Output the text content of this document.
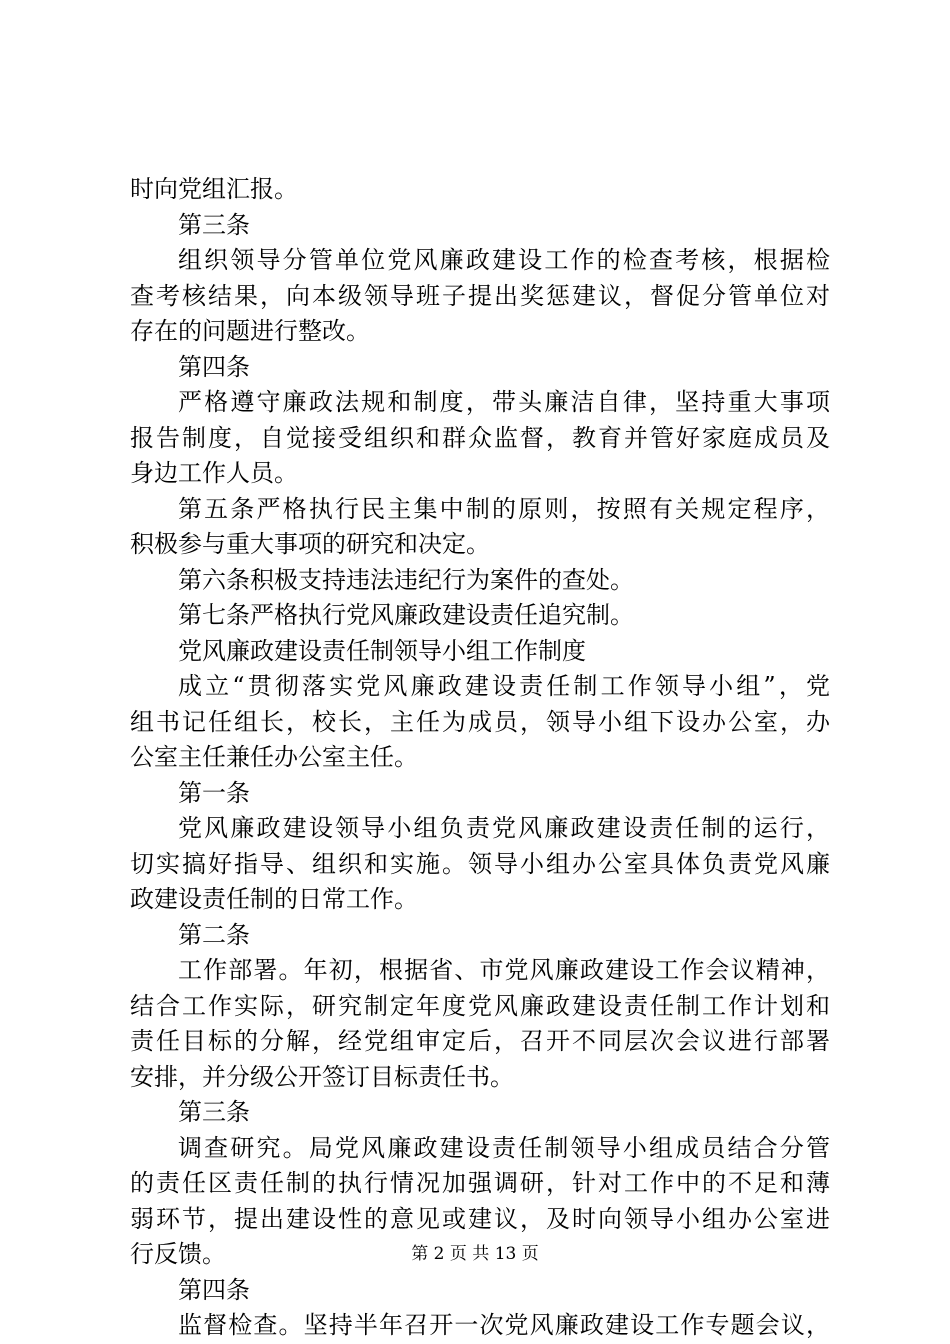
时向党组汇报。
第三条
组织领导分管单位党风廉政建设工作的检查考核，根据检
查考核结果，向本级领导班子提出奖惩建议，督促分管单位对
存在的问题进行整改。
第四条
严格遵守廉政法规和制度，带头廉洁自律，坚持重大事项
报告制度，自觉接受组织和群众监督，教育并管好家庭成员及
身边工作人员。
第五条严格执行民主集中制的原则，按照有关规定程序，
积极参与重大事项的研究和决定。
第六条积极支持违法违纪行为案件的查处。
第七条严格执行党风廉政建设责任追究制。
党风廉政建设责任制领导小组工作制度
成立“贯彻落实党风廉政建设责任制工作领导小组”，党
组书记任组长，校长，主任为成员，领导小组下设办公室，办
公室主任兼任办公室主任。
第一条
党风廉政建设领导小组负责党风廉政建设责任制的运行，
切实搞好指导、组织和实施。领导小组办公室具体负责党风廉
政建设责任制的日常工作。
第二条
工作部署。年初，根据省、市党风廉政建设工作会议精神，
结合工作实际，研究制定年度党风廉政建设责任制工作计划和
责任目标的分解，经党组审定后，召开不同层次会议进行部署
安排，并分级公开签订目标责任书。
第三条
调查研究。局党风廉政建设责任制领导小组成员结合分管
的责任区责任制的执行情况加强调研，针对工作中的不足和薄
弱环节，提出建设性的意见或建议，及时向领导小组办公室进
行反馈。
第四条
监督检查。坚持半年召开一次党风廉政建设工作专题会议，
第 2 页 共 13 页
